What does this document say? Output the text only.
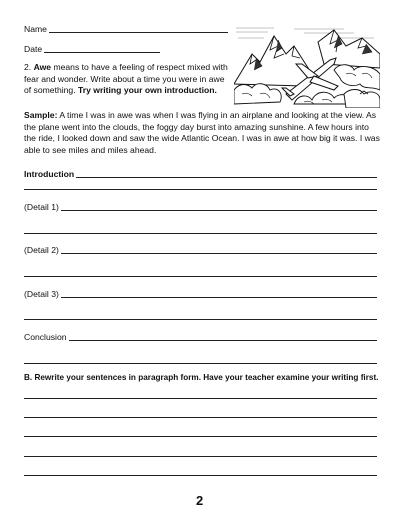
Name
Date
2. Awe means to have a feeling of respect mixed with
fear and wonder. Write about a time you were in awe
of something. Try writing your own introduction.
Sample: A time I was in awe was when I was flying in an airplane and looking at the view. As
the plane went into the clouds, the foggy day burst into amazing sunshine. A few hours into
the ride, I looked down and saw the wide Atlantic Ocean. I was in awe at how big it was. I was
able to see miles and miles ahead.
Introduction
(Detail 1)
(Detail 2)
(Detail 3)
Conclusion
B. Rewrite your sentences in paragraph form. Have your teacher examine your writing first.
2
